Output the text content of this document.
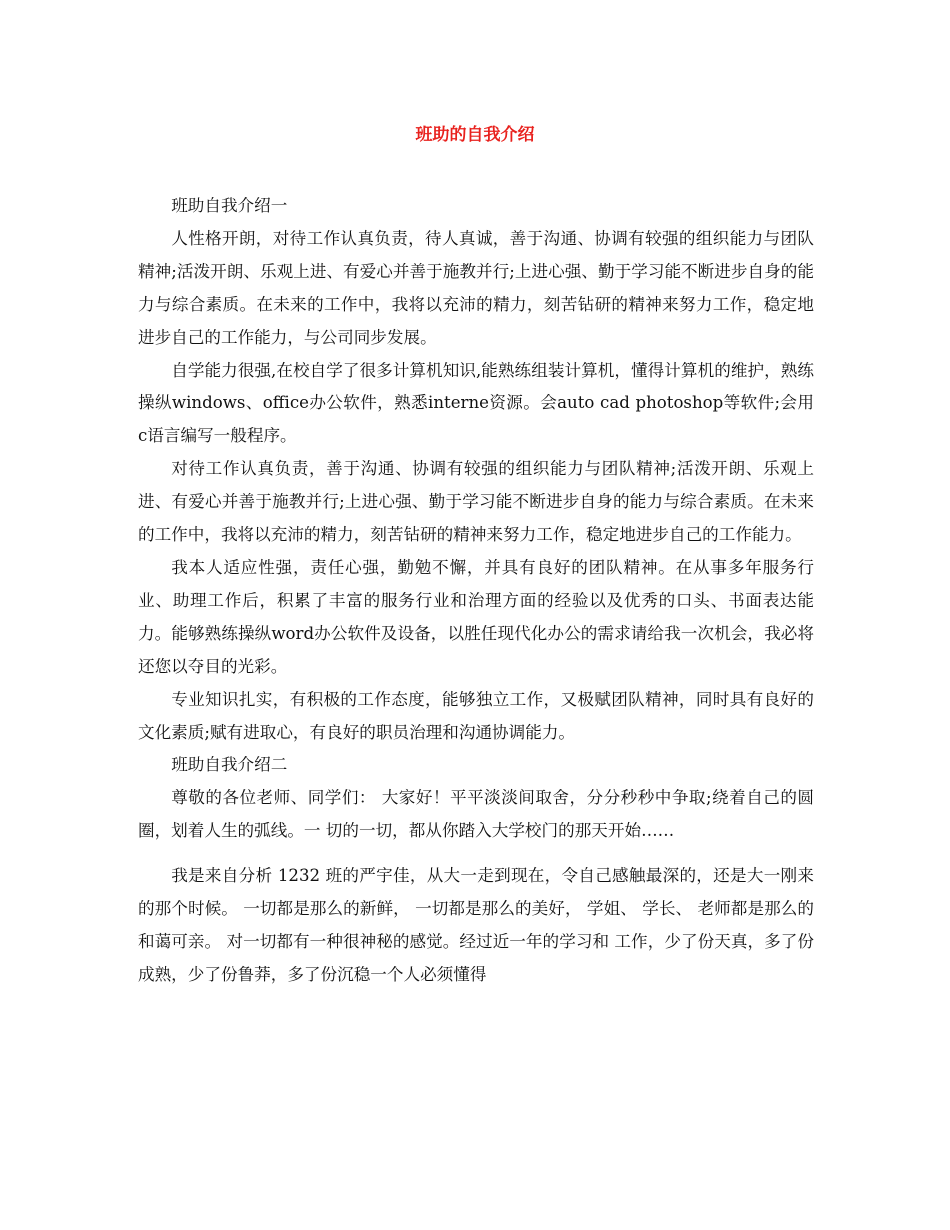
班助的自我介绍

班助自我介绍一

人性格开朗，对待工作认真负责，待人真诚，善于沟通、协调有较强的组织能力与团队精神;活泼开朗、乐观上进、有爱心并善于施教并行;上进心强、勤于学习能不断进步自身的能力与综合素质。在未来的工作中，我将以充沛的精力，刻苦钻研的精神来努力工作，稳定地进步自己的工作能力，与公司同步发展。

自学能力很强,在校自学了很多计算机知识,能熟练组装计算机，懂得计算机的维护，熟练操纵windows、office办公软件，熟悉interne资源。会auto cad photoshop等软件;会用c语言编写一般程序。

对待工作认真负责，善于沟通、协调有较强的组织能力与团队精神;活泼开朗、乐观上进、有爱心并善于施教并行;上进心强、勤于学习能不断进步自身的能力与综合素质。在未来的工作中，我将以充沛的精力，刻苦钻研的精神来努力工作，稳定地进步自己的工作能力。

我本人适应性强，责任心强，勤勉不懈，并具有良好的团队精神。在从事多年服务行业、助理工作后，积累了丰富的服务行业和治理方面的经验以及优秀的口头、书面表达能力。能够熟练操纵word办公软件及设备，以胜任现代化办公的需求请给我一次机会，我必将还您以夺目的光彩。

专业知识扎实，有积极的工作态度，能够独立工作，又极赋团队精神，同时具有良好的文化素质;赋有进取心，有良好的职员治理和沟通协调能力。

班助自我介绍二

尊敬的各位老师、同学们： 大家好！平平淡淡间取舍，分分秒秒中争取;绕着自己的圆圈，划着人生的弧线。一 切的一切，都从你踏入大学校门的那天开始……

我是来自分析 1232 班的严宇佳，从大一走到现在，令自己感触最深的，还是大一刚来的那个时候。 一切都是那么的新鲜， 一切都是那么的美好， 学姐、 学长、 老师都是那么的和蔼可亲。 对一切都有一种很神秘的感觉。经过近一年的学习和 工作，少了份天真，多了份成熟，少了份鲁莽，多了份沉稳一个人必须懂得
